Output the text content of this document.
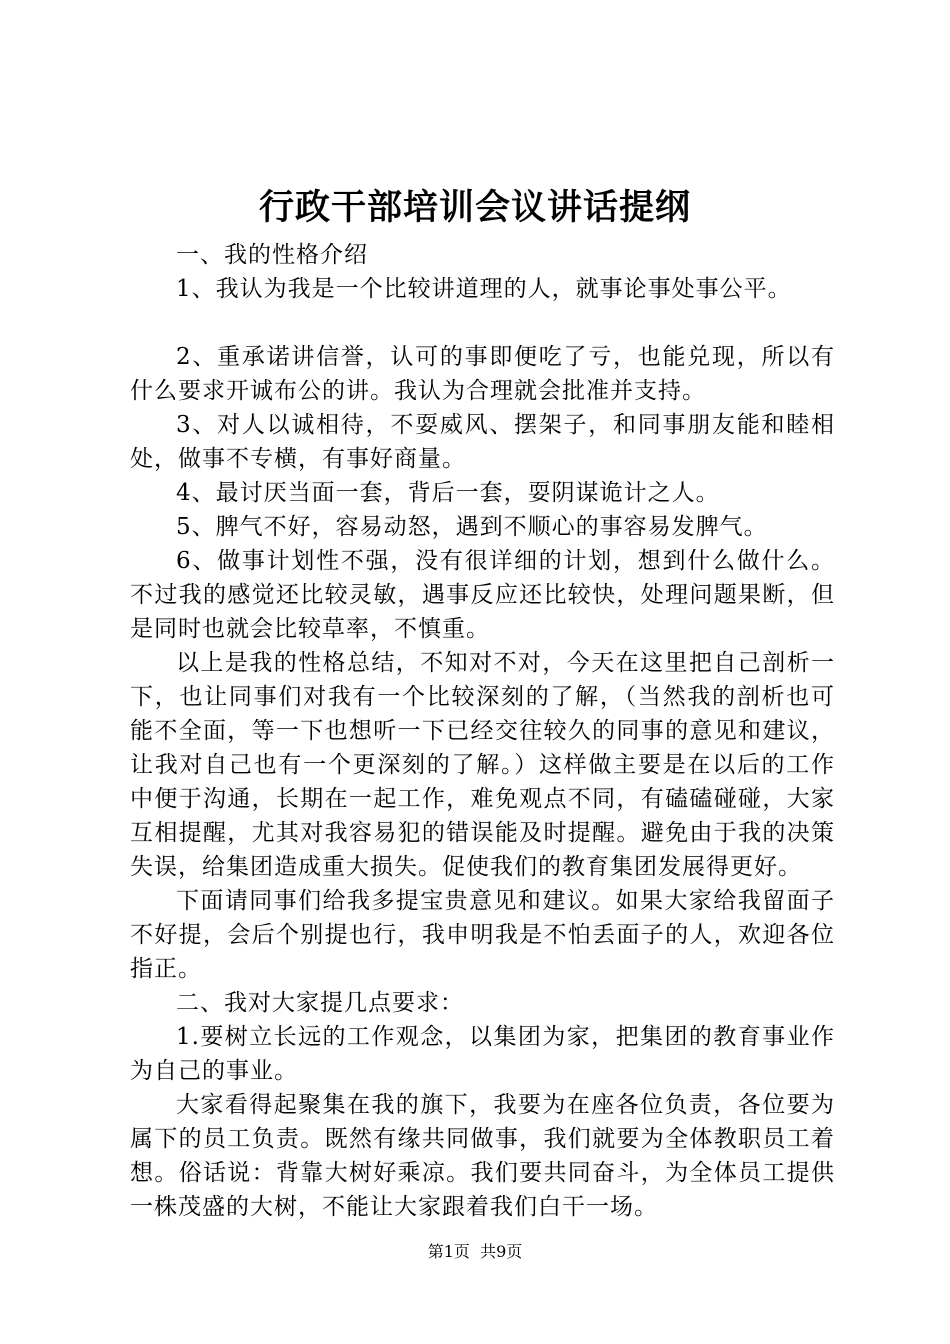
行政干部培训会议讲话提纲

一、我的性格介绍

1、我认为我是一个比较讲道理的人，就事论事处事公平。

2、重承诺讲信誉，认可的事即便吃了亏，也能兑现，所以有什么要求开诚布公的讲。我认为合理就会批准并支持。

3、对人以诚相待，不耍威风、摆架子，和同事朋友能和睦相处，做事不专横，有事好商量。

4、最讨厌当面一套，背后一套，耍阴谋诡计之人。

5、脾气不好，容易动怒，遇到不顺心的事容易发脾气。

6、做事计划性不强，没有很详细的计划，想到什么做什么。不过我的感觉还比较灵敏，遇事反应还比较快，处理问题果断，但是同时也就会比较草率，不慎重。

以上是我的性格总结，不知对不对，今天在这里把自己剖析一下，也让同事们对我有一个比较深刻的了解，（当然我的剖析也可能不全面，等一下也想听一下已经交往较久的同事的意见和建议，让我对自己也有一个更深刻的了解。）这样做主要是在以后的工作中便于沟通，长期在一起工作，难免观点不同，有磕磕碰碰，大家互相提醒，尤其对我容易犯的错误能及时提醒。避免由于我的决策失误，给集团造成重大损失。促使我们的教育集团发展得更好。

下面请同事们给我多提宝贵意见和建议。如果大家给我留面子不好提，会后个别提也行，我申明我是不怕丢面子的人，欢迎各位指正。

二、我对大家提几点要求：

1.要树立长远的工作观念，以集团为家，把集团的教育事业作为自己的事业。

大家看得起聚集在我的旗下，我要为在座各位负责，各位要为属下的员工负责。既然有缘共同做事，我们就要为全体教职员工着想。俗话说：背靠大树好乘凉。我们要共同奋斗，为全体员工提供一株茂盛的大树，不能让大家跟着我们白干一场。

第1页  共9页
